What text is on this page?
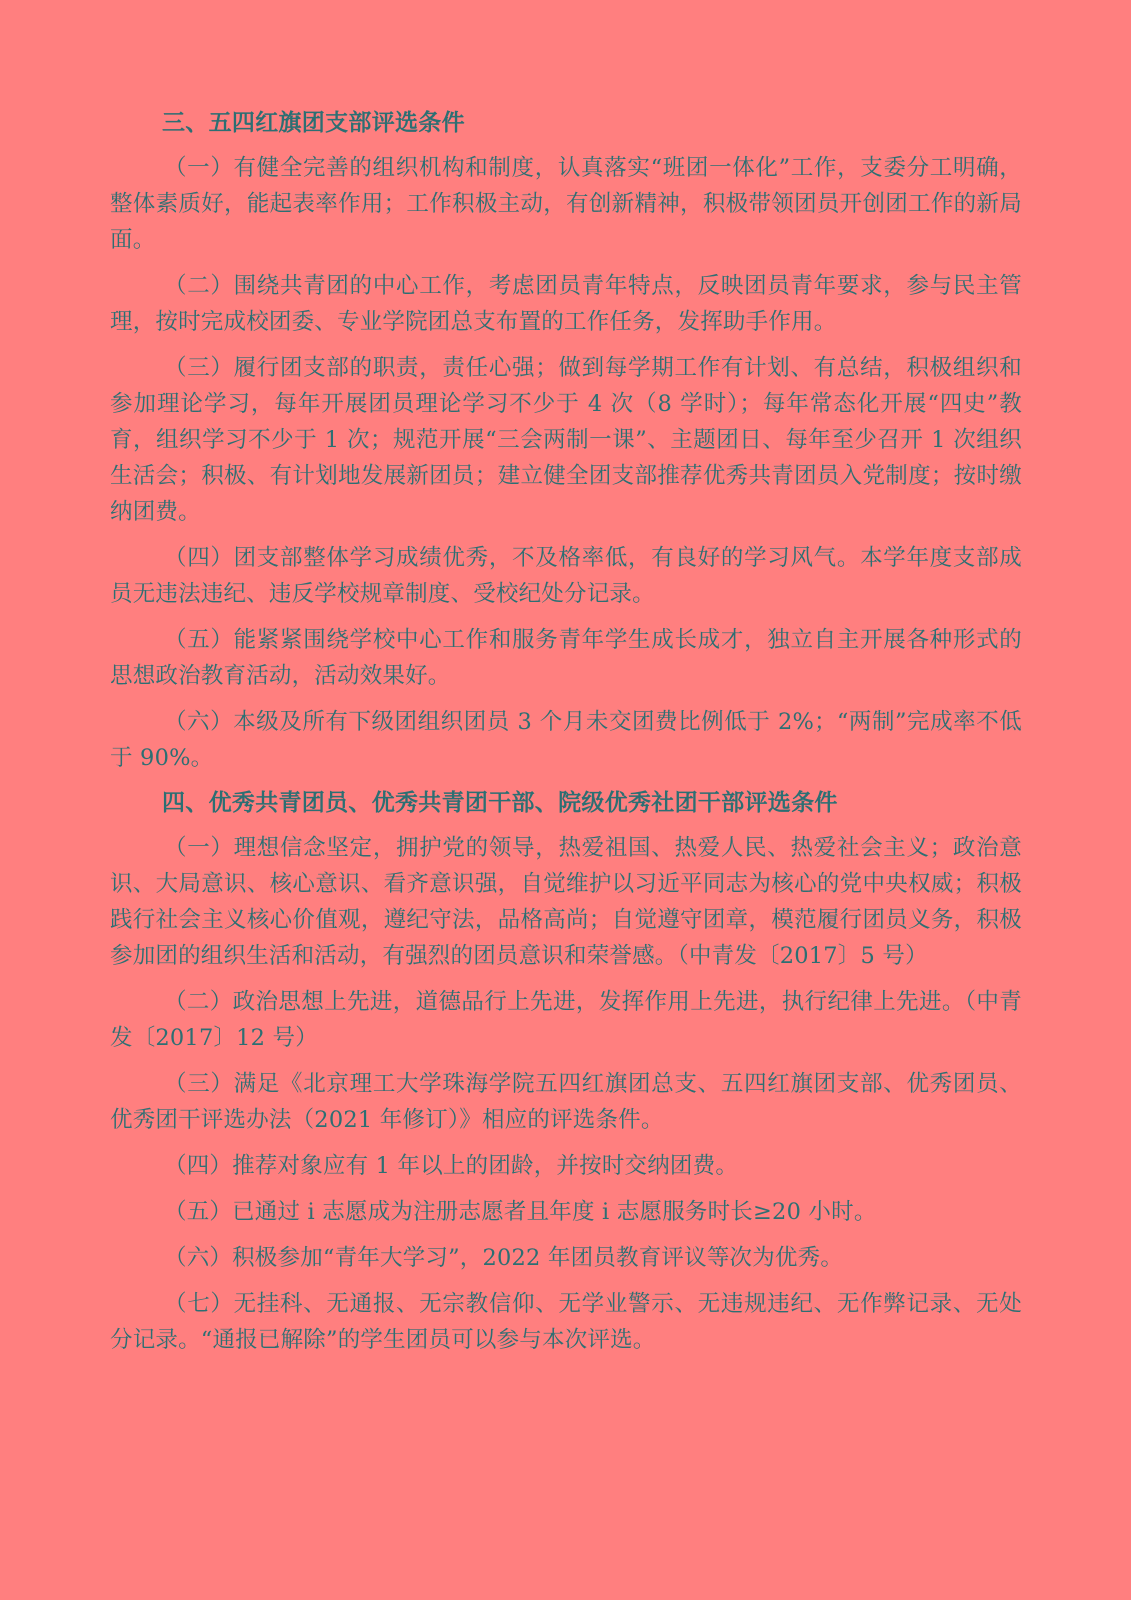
三、五四红旗团支部评选条件

（一）有健全完善的组织机构和制度，认真落实“班团一体化”工作，支委分工明确，整体素质好，能起表率作用；工作积极主动，有创新精神，积极带领团员开创团工作的新局面。

（二）围绕共青团的中心工作，考虑团员青年特点，反映团员青年要求，参与民主管理，按时完成校团委、专业学院团总支布置的工作任务，发挥助手作用。

（三）履行团支部的职责，责任心强；做到每学期工作有计划、有总结，积极组织和参加理论学习，每年开展团员理论学习不少于 4 次（8 学时）；每年常态化开展“四史”教育，组织学习不少于 1 次；规范开展“三会两制一课”、主题团日、每年至少召开 1 次组织生活会；积极、有计划地发展新团员；建立健全团支部推荐优秀共青团员入党制度；按时缴纳团费。

（四）团支部整体学习成绩优秀，不及格率低，有良好的学习风气。本学年度支部成员无违法违纪、违反学校规章制度、受校纪处分记录。

（五）能紧紧围绕学校中心工作和服务青年学生成长成才，独立自主开展各种形式的思想政治教育活动，活动效果好。

（六）本级及所有下级团组织团员 3 个月未交团费比例低于 2%；“两制”完成率不低于 90%。

四、优秀共青团员、优秀共青团干部、院级优秀社团干部评选条件

（一）理想信念坚定，拥护党的领导，热爱祖国、热爱人民、热爱社会主义；政治意识、大局意识、核心意识、看齐意识强，自觉维护以习近平同志为核心的党中央权威；积极践行社会主义核心价值观，遵纪守法，品格高尚；自觉遵守团章，模范履行团员义务，积极参加团的组织生活和活动，有强烈的团员意识和荣誉感。（中青发〔2017〕5 号）

（二）政治思想上先进，道德品行上先进，发挥作用上先进，执行纪律上先进。（中青发〔2017〕12 号）

（三）满足《北京理工大学珠海学院五四红旗团总支、五四红旗团支部、优秀团员、优秀团干评选办法（2021 年修订）》相应的评选条件。

（四）推荐对象应有 1 年以上的团龄，并按时交纳团费。

（五）已通过 i 志愿成为注册志愿者且年度 i 志愿服务时长≥20 小时。

（六）积极参加“青年大学习”，2022 年团员教育评议等次为优秀。

（七）无挂科、无通报、无宗教信仰、无学业警示、无违规违纪、无作弊记录、无处分记录。“通报已解除”的学生团员可以参与本次评选。
